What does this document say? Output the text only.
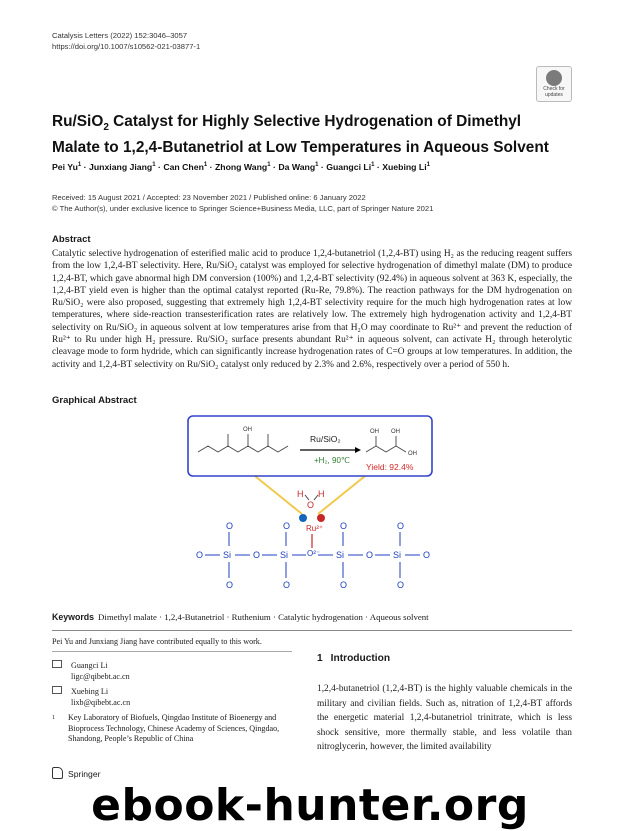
Catalysis Letters (2022) 152:3046–3057
https://doi.org/10.1007/s10562-021-03877-1
Check for
updates
Ru/SiO$_2$ Catalyst for Highly Selective Hydrogenation of Dimethyl Malate to 1,2,4‑Butanetriol at Low Temperatures in Aqueous Solvent
Pei $Yu^1$ · Junxiang Jiang$^1$ · Can Chen$^1$ · Zhong Wang$^1$ · Da Wang$^1$ · Guangci $Li^1$ · Xuebing Li$^1$
Received: 15 August 2021 / Accepted: 23 November 2021 / Published online: 6 January 2022
© The Author(s), under exclusive licence to Springer Science+Business Media, LLC, part of Springer Nature 2021
Abstract

Catalytic selective hydrogenation of esterified malic acid to produce 1,2,4-butanetriol (1,2,4-BT) using H₂ as the reducing reagent suffers from the low 1,2,4-BT selectivity. Here, Ru/SiO₂ catalyst was employed for selective hydrogenation of dimethyl malate (DM) to produce 1,2,4-BT, which gave abnormal high DM conversion (100%) and 1,2,4-BT selectivity (92.4%) in aqueous solvent at 363 K, especially, the 1,2,4-BT yield even is higher than the optimal catalyst reported (Ru-Re, 79.8%). The reaction pathways for the DM hydrogenation on Ru/SiO₂ were also proposed, suggesting that extremely high 1,2,4-BT selectivity require for the much high hydrogenation rates at low temperatures, where side-reaction transesterification rates are relatively low. The extremely high hydrogenation activity and 1,2,4-BT selectivity on Ru/SiO₂ in aqueous solvent at low temperatures arise from that H₂O may coordinate to Ru²⁺ and prevent the reduction of Ru²⁺ to Ru under high H₂ pressure. Ru/SiO₂ surface presents abundant Ru²⁺ in aqueous solvent, can activate H₂ through heterolytic cleavage mode to form hydride, which can significantly increase hydrogenation rates of C=O groups at low temperatures. In addition, the activity and 1,2,4-BT selectivity on Ru/SiO₂ catalyst only reduced by 2.3% and 2.6%, respectively over a period of 550 h.

Graphical Abstract
OH
Ru/SiO₂
+H₂, 90℃
OH OH
OH
Yield: 92.4%
H H
O
Ru²⁺
O²⁻
O Si O Si	Si O Si O
O	O	O	O
O	O	O	O
Keywords Dimethyl malate · 1,2,4-Butanetriol · Ruthenium · Catalytic hydrogenation · Aqueous solvent
Pei Yu and Junxiang Jiang have contributed equally to this work.
Guangci Li
ligc@qibebt.ac.cn
Xuebing Li
lixb@qibebt.ac.cn
1 Key Laboratory of Biofuels, Qingdao Institute of Bioenergy and Bioprocess Technology, Chinese Academy of Sciences, Qingdao, Shandong, People’s Republic of China
1 Introduction
1,2,4-butanetriol (1,2,4-BT) is the highly valuable chemicals in the military and civilian fields. Such as, nitration of 1,2,4-BT affords the energetic material 1,2,4-butanetriol trinitrate, which is less shock sensitive, more thermally stable, and less volatile than nitroglycerin, however, the limited availability
Springer
ebook-hunter.org
